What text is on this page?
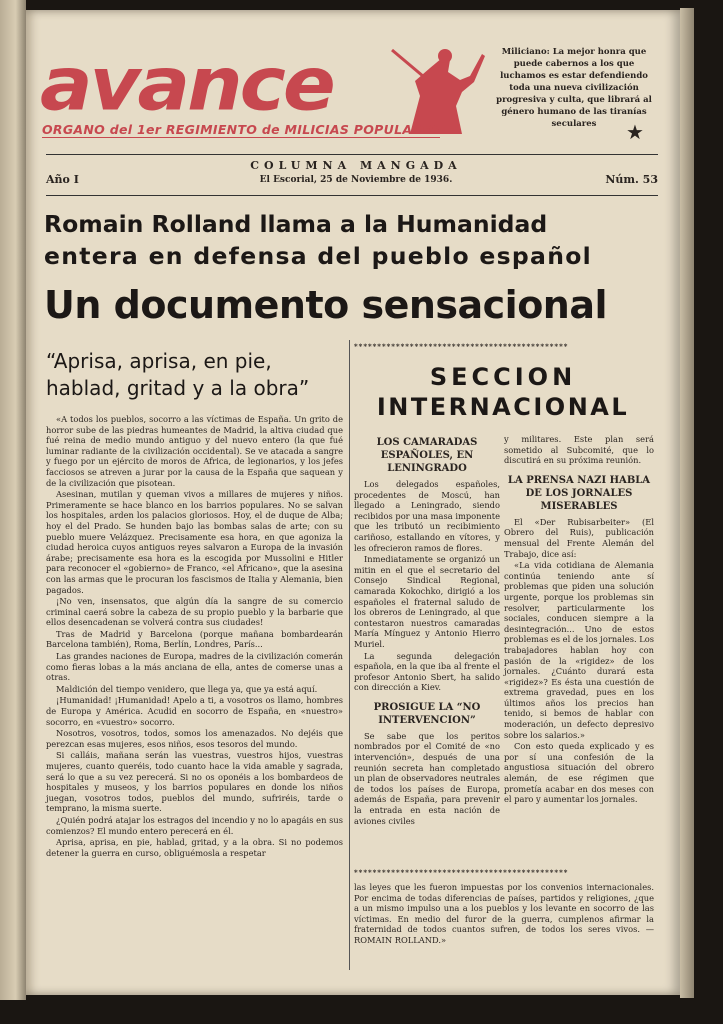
avance
ORGANO del 1er REGIMIENTO de MILICIAS POPULARES
Miliciano: La mejor honra que puede cabernos a los que luchamos es estar defendiendo toda una nueva civilización progresiva y culta, que librará al género humano de las tiranías seculares	★
Año I
COLUMNA MANGADA
El Escorial, 25 de Noviembre de 1936.	Núm. 53
Romain Rolland llama a la Humanidad
entera en defensa del pueblo español
Un documento sensacional
“Aprisa, aprisa, en pie,
hablad, gritad y a la obra”

«A todos los pueblos, socorro a las víctimas de España. Un grito de horror sube de las piedras humeantes de Madrid, la altiva ciudad que fué reina de medio mundo antiguo y del nuevo entero (la que fué luminar radiante de la civilización occidental). Se ve atacada a sangre y fuego por un ejército de moros de Africa, de legionarios, y los jefes facciosos se atreven a jurar por la causa de la España que saquean y de la civilización que pisotean.

Asesinan, mutilan y queman vivos a millares de mujeres y niños. Primeramente se hace blanco en los barrios populares. No se salvan los hospitales, arden los palacios gloriosos. Hoy, el de duque de Alba; hoy el del Prado. Se hunden bajo las bombas salas de arte; con su pueblo muere Velázquez. Precisamente esa hora, en que agoniza la ciudad heroica cuyos antiguos reyes salvaron a Europa de la invasión árabe; precisamente esa hora es la escogida por Mussolini e Hitler para reconocer el «gobierno» de Franco, «el Africano», que la asesina con las armas que le procuran los fascismos de Italia y Alemania, bien pagados.

¡No ven, insensatos, que algún día la sangre de su comercio criminal caerá sobre la cabeza de su propio pueblo y la barbarie que ellos desencadenan se volverá contra sus ciudades!

Tras de Madrid y Barcelona (porque mañana bombardearán Barcelona también), Roma, Berlín, Londres, París...

Las grandes naciones de Europa, madres de la civilización comerán como fieras lobas a la más anciana de ella, antes de comerse unas a otras.

Maldición del tiempo venidero, que llega ya, que ya está aquí.

¡Humanidad! ¡Humanidad! Apelo a ti, a vosotros os llamo, hombres de Europa y América. Acudid en socorro de España, en «nuestro» socorro, en «vuestro» socorro.

Nosotros, vosotros, todos, somos los amenazados. No dejéis que perezcan esas mujeres, esos niños, esos tesoros del mundo.

Si calláis, mañana serán las vuestras, vuestros hijos, vuestras mujeres, cuanto queréis, todo cuanto hace la vida amable y sagrada, será lo que a su vez perecerá. Si no os oponéis a los bombardeos de hospitales y museos, y los barrios populares en donde los niños juegan, vosotros todos, pueblos del mundo, sufriréis, tarde o temprano, la misma suerte.

¿Quién podrá atajar los estragos del incendio y no lo apagáis en sus comienzos? El mundo entero perecerá en él.

Aprisa, aprisa, en pie, hablad, gritad, y a la obra. Si no podemos detener la guerra en curso, obliguémosla a respetar

**********************************************
SECCION
INTERNACIONAL
LOS CAMARADAS ESPAÑOLES, EN LENINGRADO

Los delegados españoles, procedentes de Moscú, han llegado a Leningrado, siendo recibidos por una masa imponente que les tributó un recibimiento cariñoso, estallando en vítores, y les ofrecieron ramos de flores.

Inmediatamente se organizó un mitin en el que el secretario del Consejo Sindical Regional, camarada Kokochko, dirigió a los españoles el fraternal saludo de los obreros de Leningrado, al que contestaron nuestros camaradas María Mínguez y Antonio Hierro Muriel.

La segunda delegación española, en la que iba al frente el profesor Antonio Sbert, ha salido con dirección a Kiev.

PROSIGUE LA “NO INTERVENCION”

Se sabe que los peritos nombrados por el Comité de «no intervención», después de una reunión secreta han completado un plan de observadores neutrales de todos los países de Europa, además de España, para prevenir la entrada en esta nación de aviones civiles

y militares. Este plan será sometido al Subcomité, que lo discutirá en su próxima reunión.

LA PRENSA NAZI HABLA DE LOS JORNALES MISERABLES

El «Der Rubisarbeiter» (El Obrero del Ruis), publicación mensual del Frente Alemán del Trabajo, dice así:

«La vida cotidiana de Alemania continúa teniendo ante sí problemas que piden una solución urgente, porque los problemas sin resolver, particularmente los sociales, conducen siempre a la desintegración... Uno de estos problemas es el de los jornales. Los trabajadores hablan hoy con pasión de la «rigidez» de los jornales. ¿Cuánto durará esta «rigidez»? Es ésta una cuestión de extrema gravedad, pues en los últimos años los precios han tenido, si bemos de hablar con moderación, un defecto depresivo sobre los salarios.»

Con esto queda explicado y es por sí una confesión de la angustiosa situación del obrero alemán, de ese régimen que prometía acabar en dos meses con el paro y aumentar los jornales.

**********************************************

las leyes que les fueron impuestas por los convenios internacionales. Por encima de todas diferencias de países, partidos y religiones, ¿que a un mismo impulso una a los pueblos y los levante en socorro de las víctimas. En medio del furor de la guerra, cumplenos afirmar la fraternidad de todos cuantos sufren, de todos los seres vivos. — ROMAIN ROLLAND.»
